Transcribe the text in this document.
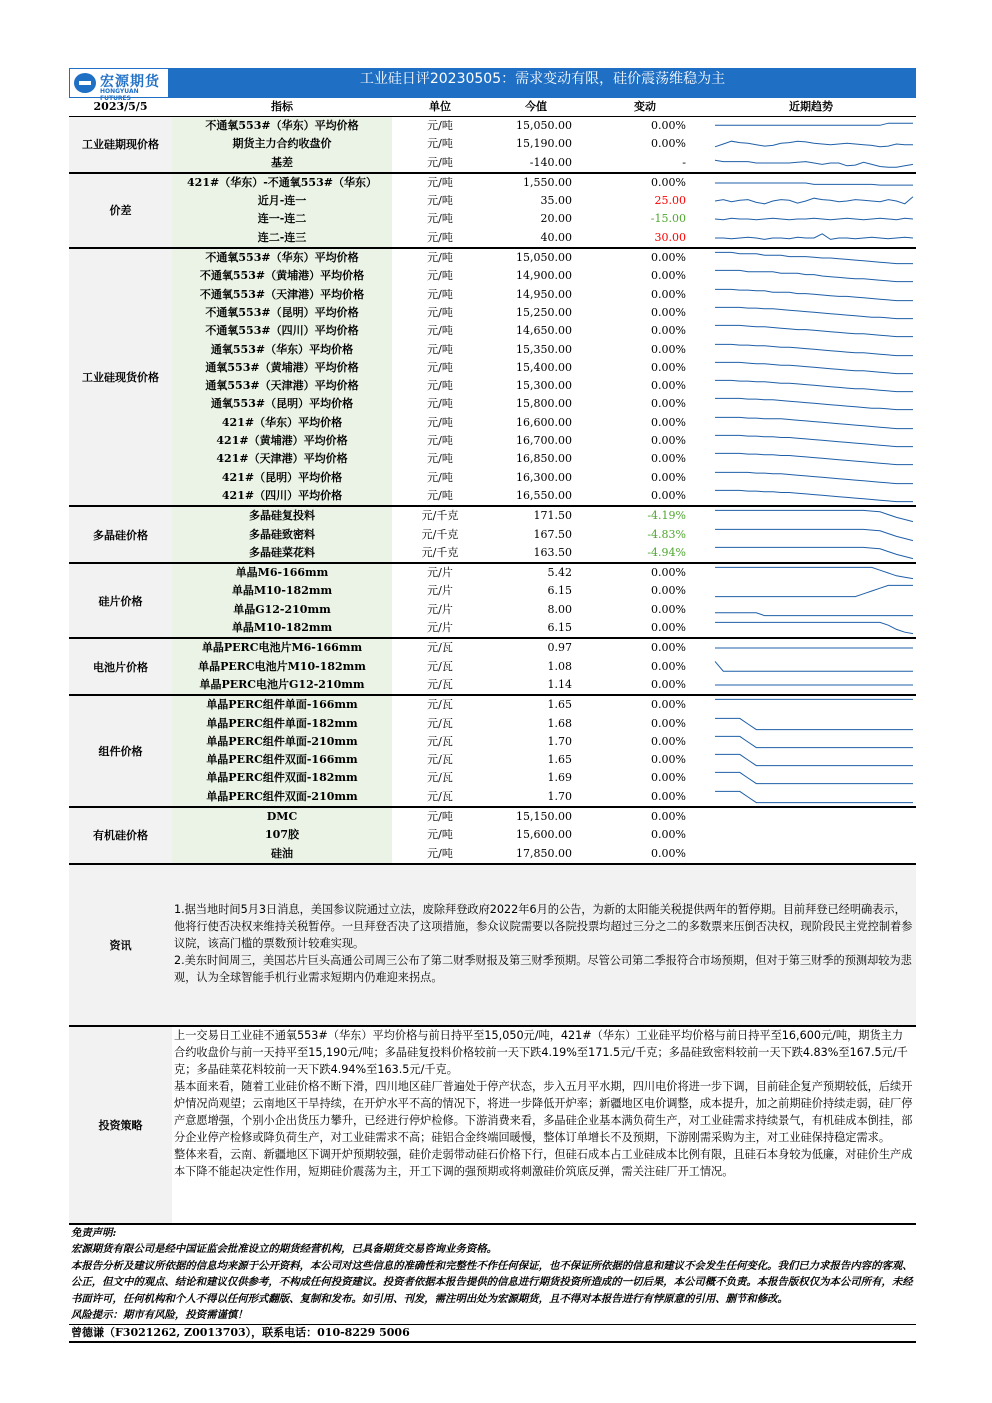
宏源期货
HONGYUAN FUTURES
工业硅日评20230505：需求变动有限，硅价震荡维稳为主
2023/5/5	指标	单位	今值	变动	近期趋势
工业硅期现价格
不通氧553#（华东）平均价格	元/吨	15,050.00	0.00%
期货主力合约收盘价	元/吨	15,190.00	0.00%
基差	元/吨	-140.00	-
价差
421#（华东）-不通氧553#（华东）	元/吨	1,550.00	0.00%
近月-连一	元/吨	35.00	25.00
连一-连二	元/吨	20.00	-15.00
连二-连三	元/吨	40.00	30.00
工业硅现货价格
不通氧553#（华东）平均价格	元/吨	15,050.00	0.00%
不通氧553#（黄埔港）平均价格	元/吨	14,900.00	0.00%
不通氧553#（天津港）平均价格	元/吨	14,950.00	0.00%
不通氧553#（昆明）平均价格	元/吨	15,250.00	0.00%
不通氧553#（四川）平均价格	元/吨	14,650.00	0.00%
通氧553#（华东）平均价格	元/吨	15,350.00	0.00%
通氧553#（黄埔港）平均价格	元/吨	15,400.00	0.00%
通氧553#（天津港）平均价格	元/吨	15,300.00	0.00%
通氧553#（昆明）平均价格	元/吨	15,800.00	0.00%
421#（华东）平均价格	元/吨	16,600.00	0.00%
421#（黄埔港）平均价格	元/吨	16,700.00	0.00%
421#（天津港）平均价格	元/吨	16,850.00	0.00%
421#（昆明）平均价格	元/吨	16,300.00	0.00%
421#（四川）平均价格	元/吨	16,550.00	0.00%
多晶硅价格
多晶硅复投料	元/千克	171.50	-4.19%
多晶硅致密料	元/千克	167.50	-4.83%
多晶硅菜花料	元/千克	163.50	-4.94%
硅片价格
单晶M6-166mm	元/片	5.42	0.00%
单晶M10-182mm	元/片	6.15	0.00%
单晶G12-210mm	元/片	8.00	0.00%
单晶M10-182mm	元/片	6.15	0.00%
电池片价格
单晶PERC电池片M6-166mm	元/瓦	0.97	0.00%
单晶PERC电池片M10-182mm	元/瓦	1.08	0.00%
单晶PERC电池片G12-210mm	元/瓦	1.14	0.00%
组件价格
单晶PERC组件单面-166mm	元/瓦	1.65	0.00%
单晶PERC组件单面-182mm	元/瓦	1.68	0.00%
单晶PERC组件单面-210mm	元/瓦	1.70	0.00%
单晶PERC组件双面-166mm	元/瓦	1.65	0.00%
单晶PERC组件双面-182mm	元/瓦	1.69	0.00%
单晶PERC组件双面-210mm	元/瓦	1.70	0.00%
有机硅价格
DMC	元/吨	15,150.00	0.00%
107胶	元/吨	15,600.00	0.00%
硅油	元/吨	17,850.00	0.00%
资讯

1.据当地时间5月3日消息，美国参议院通过立法，废除拜登政府2022年6月的公告，为新的太阳能关税提供两年的暂停期。目前拜登已经明确表示，他将行使否决权来维持关税暂停。一旦拜登否决了这项措施，参众议院需要以各院投票均超过三分之二的多数票来压倒否决权，现阶段民主党控制着参议院，该高门槛的票数预计较难实现。

2.美东时间周三，美国芯片巨头高通公司周三公布了第二财季财报及第三财季预期。尽管公司第二季报符合市场预期，但对于第三财季的预测却较为悲观，认为全球智能手机行业需求短期内仍难迎来拐点。

投资策略

上一交易日工业硅不通氧553#（华东）平均价格与前日持平至15,050元/吨，421#（华东）工业硅平均价格与前日持平至16,600元/吨，期货主力合约收盘价与前一天持平至15,190元/吨；多晶硅复投料价格较前一天下跌4.19%至171.5元/千克；多晶硅致密料较前一天下跌4.83%至167.5元/千克；多晶硅菜花料较前一天下跌4.94%至163.5元/千克。

基本面来看，随着工业硅价格不断下滑，四川地区硅厂普遍处于停产状态，步入五月平水期，四川电价将进一步下调，目前硅企复产预期较低，后续开炉情况尚观望；云南地区干旱持续，在开炉水平不高的情况下，将进一步降低开炉率；新疆地区电价调整，成本提升，加之前期硅价持续走弱，硅厂停产意愿增强，个别小企出货压力攀升，已经进行停炉检修。下游消费来看，多晶硅企业基本满负荷生产，对工业硅需求持续景气，有机硅成本倒挂，部分企业停产检修或降负荷生产，对工业硅需求不高；硅铝合金终端回暖慢，整体订单增长不及预期，下游刚需采购为主，对工业硅保持稳定需求。

整体来看，云南、新疆地区下调开炉预期较强，硅价走弱带动硅石价格下行，但硅石成本占工业硅成本比例有限，且硅石本身较为低廉，对硅价生产成本下降不能起决定性作用，短期硅价震荡为主，开工下调的强预期或将刺激硅价筑底反弹，需关注硅厂开工情况。

免责声明:

宏源期货有限公司是经中国证监会批准设立的期货经营机构，已具备期货交易咨询业务资格。

本报告分析及建议所依据的信息均来源于公开资料，本公司对这些信息的准确性和完整性不作任何保证，也不保证所依据的信息和建议不会发生任何变化。我们已力求报告内容的客观、公正，但文中的观点、结论和建议仅供参考，不构成任何投资建议。投资者依据本报告提供的信息进行期货投资所造成的一切后果，本公司概不负责。本报告版权仅为本公司所有，未经书面许可，任何机构和个人不得以任何形式翻版、复制和发布。如引用、刊发，需注明出处为宏源期货，且不得对本报告进行有悖原意的引用、删节和修改。

风险提示：期市有风险，投资需谨慎！

曾德谦（F3021262, Z0013703），联系电话：010-8229 5006
